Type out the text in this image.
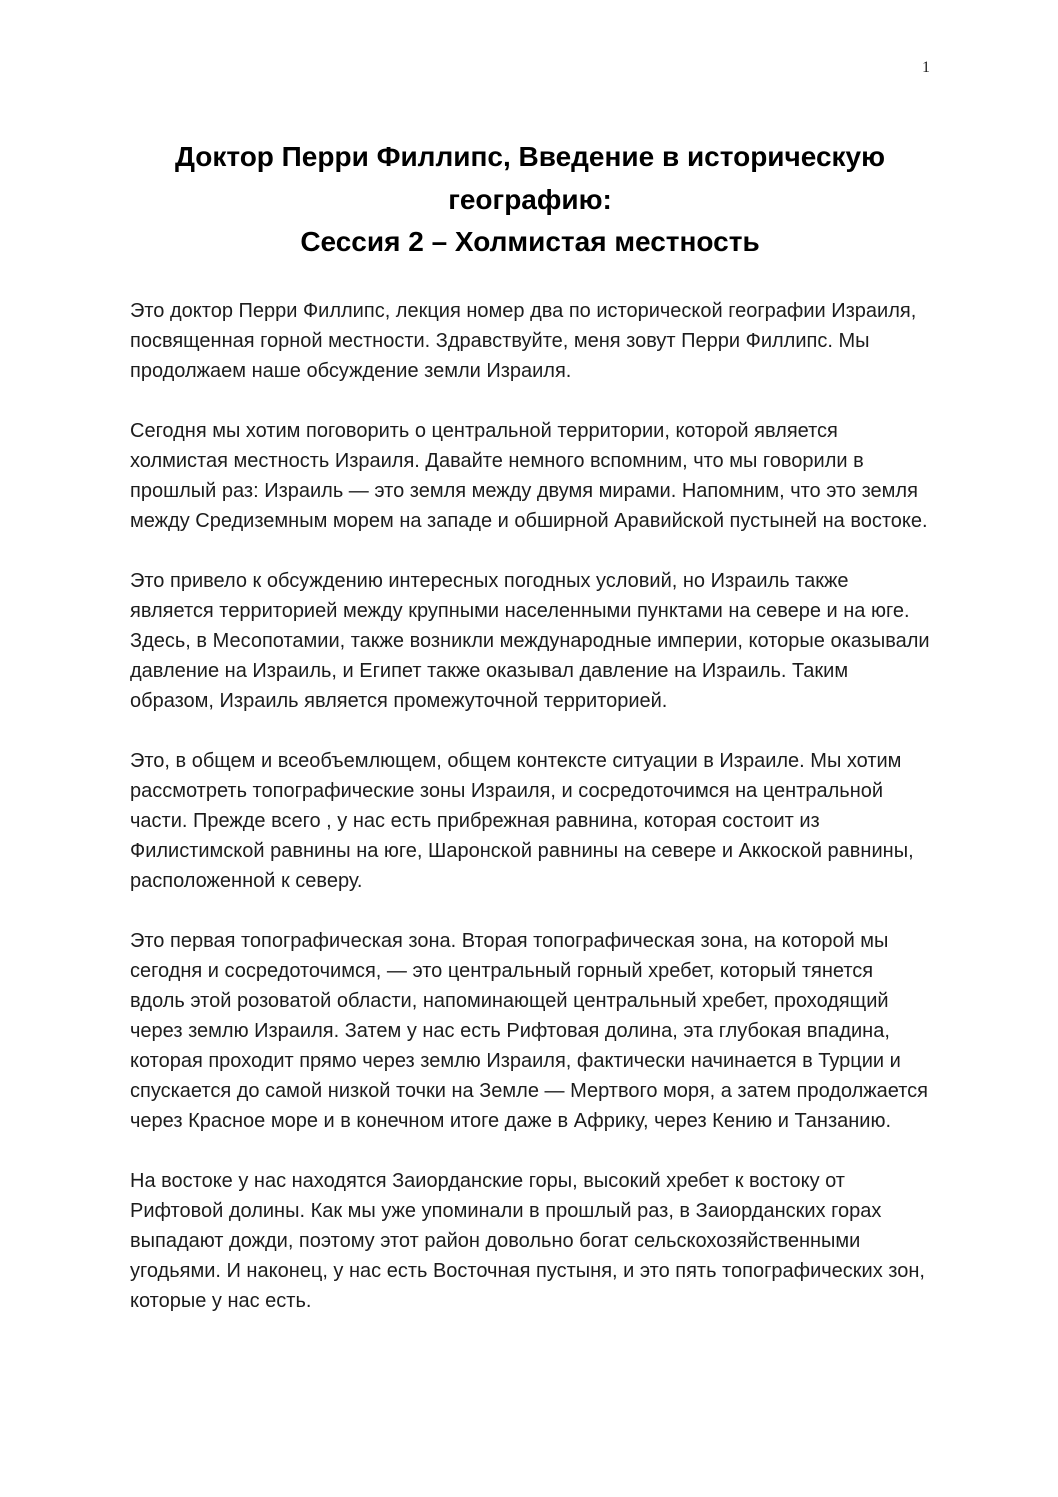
1
Доктор Перри Филлипс, Введение в историческую географию:
Сессия 2 – Холмистая местность

Это доктор Перри Филлипс, лекция номер два по исторической географии Израиля, посвященная горной местности. Здравствуйте, меня зовут Перри Филлипс. Мы продолжаем наше обсуждение земли Израиля.

Сегодня мы хотим поговорить о центральной территории, которой является холмистая местность Израиля. Давайте немного вспомним, что мы говорили в прошлый раз: Израиль — это земля между двумя мирами. Напомним, что это земля между Средиземным морем на западе и обширной Аравийской пустыней на востоке.

Это привело к обсуждению интересных погодных условий, но Израиль также является территорией между крупными населенными пунктами на севере и на юге. Здесь, в Месопотамии, также возникли международные империи, которые оказывали давление на Израиль, и Египет также оказывал давление на Израиль. Таким образом, Израиль является промежуточной территорией.

Это, в общем и всеобъемлющем, общем контексте ситуации в Израиле. Мы хотим рассмотреть топографические зоны Израиля, и сосредоточимся на центральной части. Прежде всего , у нас есть прибрежная равнина, которая состоит из Филистимской равнины на юге, Шаронской равнины на севере и Аккоской равнины, расположенной к северу.

Это первая топографическая зона. Вторая топографическая зона, на которой мы сегодня и сосредоточимся, — это центральный горный хребет, который тянется вдоль этой розоватой области, напоминающей центральный хребет, проходящий через землю Израиля. Затем у нас есть Рифтовая долина, эта глубокая впадина, которая проходит прямо через землю Израиля, фактически начинается в Турции и спускается до самой низкой точки на Земле — Мертвого моря, а затем продолжается через Красное море и в конечном итоге даже в Африку, через Кению и Танзанию.

На востоке у нас находятся Заиорданские горы, высокий хребет к востоку от Рифтовой долины. Как мы уже упоминали в прошлый раз, в Заиорданских горах выпадают дожди, поэтому этот район довольно богат сельскохозяйственными угодьями. И наконец, у нас есть Восточная пустыня, и это пять топографических зон, которые у нас есть.
